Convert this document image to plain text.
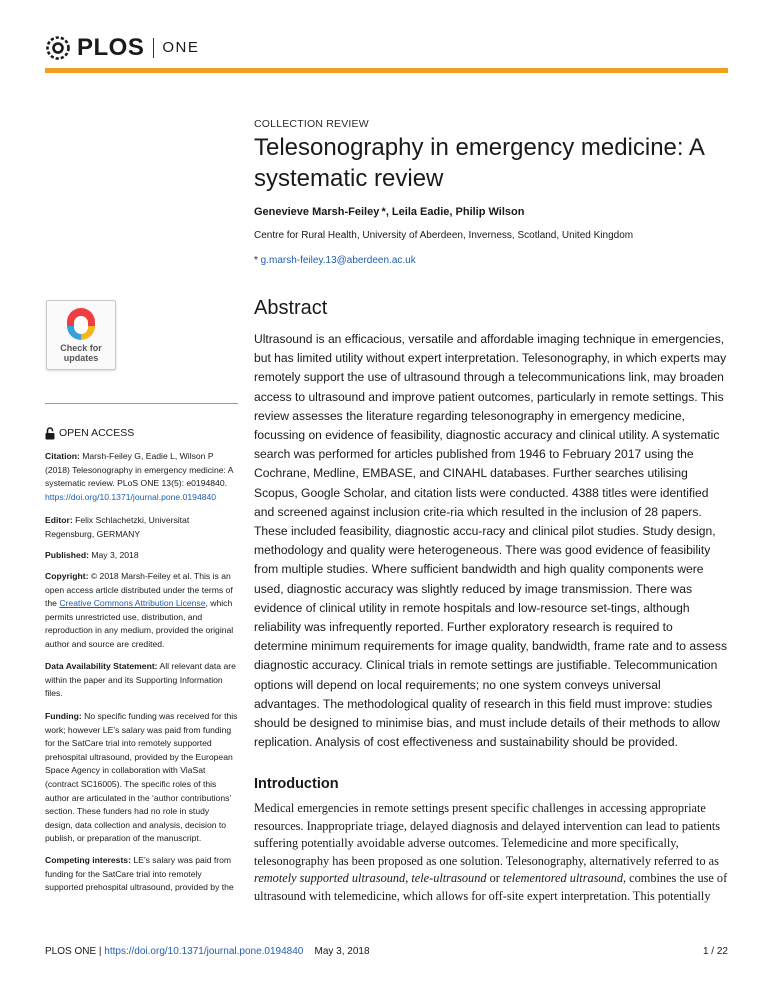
PLOS ONE
COLLECTION REVIEW
Telesonography in emergency medicine: A systematic review
Genevieve Marsh-Feiley *, Leila Eadie, Philip Wilson
Centre for Rural Health, University of Aberdeen, Inverness, Scotland, United Kingdom
* g.marsh-feiley.13@aberdeen.ac.uk
Abstract

Ultrasound is an efficacious, versatile and affordable imaging technique in emergencies, but has limited utility without expert interpretation. Telesonography, in which experts may remotely support the use of ultrasound through a telecommunications link, may broaden access to ultrasound and improve patient outcomes, particularly in remote settings. This review assesses the literature regarding telesonography in emergency medicine, focussing on evidence of feasibility, diagnostic accuracy and clinical utility. A systematic search was performed for articles published from 1946 to February 2017 using the Cochrane, Medline, EMBASE, and CINAHL databases. Further searches utilising Scopus, Google Scholar, and citation lists were conducted. 4388 titles were identified and screened against inclusion crite-ria which resulted in the inclusion of 28 papers. These included feasibility, diagnostic accu-racy and clinical pilot studies. Study design, methodology and quality were heterogeneous. There was good evidence of feasibility from multiple studies. Where sufficient bandwidth and high quality components were used, diagnostic accuracy was slightly reduced by image transmission. There was evidence of clinical utility in remote hospitals and low-resource set-tings, although reliability was infrequently reported. Further exploratory research is required to determine minimum requirements for image quality, bandwidth, frame rate and to assess diagnostic accuracy. Clinical trials in remote settings are justifiable. Telecommunication options will depend on local requirements; no one system conveys universal advantages. The methodological quality of research in this field must improve: studies should be designed to minimise bias, and must include details of their methods to allow replication. Analysis of cost effectiveness and sustainability should be provided.

Introduction

Medical emergencies in remote settings present specific challenges in accessing appropriate resources. Inappropriate triage, delayed diagnosis and delayed intervention can lead to patients suffering potentially avoidable adverse outcomes. Telemedicine and more specifically, telesonography has been proposed as one solution. Telesonography, alternatively referred to as remotely supported ultrasound, tele-ultrasound or telementored ultrasound, combines the use of ultrasound with telemedicine, which allows for off-site expert interpretation. This potentially

Check for
updates
OPEN ACCESS

Citation: Marsh-Feiley G, Eadie L, Wilson P (2018) Telesonography in emergency medicine: A systematic review. PLoS ONE 13(5): e0194840.
https://doi.org/10.1371/journal.pone.0194840

Editor: Felix Schlachetzki, Universitat Regensburg, GERMANY

Published: May 3, 2018

Copyright: © 2018 Marsh-Feiley et al. This is an open access article distributed under the terms of the Creative Commons Attribution License, which permits unrestricted use, distribution, and reproduction in any medium, provided the original author and source are credited.

Data Availability Statement: All relevant data are within the paper and its Supporting Information files.

Funding: No specific funding was received for this work; however LE’s salary was paid from funding for the SatCare trial into remotely supported prehospital ultrasound, provided by the European Space Agency in collaboration with ViaSat (contract SC16005). The specific roles of this author are articulated in the ‘author contributions’ section. These funders had no role in study design, data collection and analysis, decision to publish, or preparation of the manuscript.

Competing interests: LE’s salary was paid from funding for the SatCare trial into remotely supported prehospital ultrasound, provided by the

PLOS ONE | https://doi.org/10.1371/journal.pone.0194840 May 3, 2018	1 / 22
